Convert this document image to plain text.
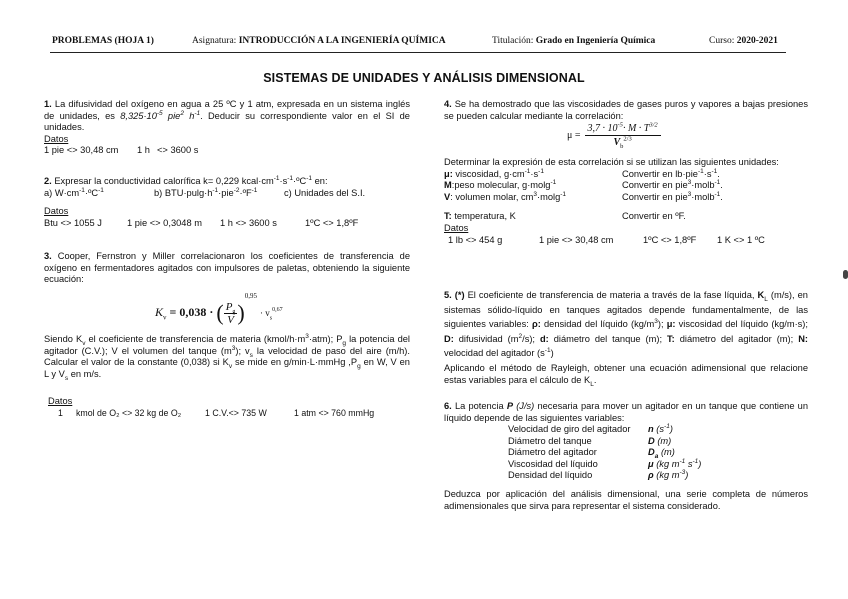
PROBLEMAS (HOJA 1)	Asignatura: INTRODUCCIÓN A LA INGENIERÍA QUÍMICA	Titulación: Grado en Ingeniería Química	Curso: 2020-2021
SISTEMAS DE UNIDADES Y ANÁLISIS DIMENSIONAL

1. La difusividad del oxígeno en agua a 25 ºC y 1 atm, expresada en un sistema inglés de unidades, es $8,325\cdot 10^{-5}$ pie$^2$ $h^{-1}$. Deducir su correspondiente valor en el SI de unidades.

Datos

1 pie <> 30,48 cm	1 h <> 3600 s

2. Expresar la conductividad calorífica k= 0,229 $kcal\cdot cm^{-1}\cdot s^{-1}\cdot ºC^{-1}$ en:

a) $W\cdot cm^{-1}\cdot ºC^{-1}$	b) $BTU\cdot pulg\cdot h^{-1}\cdot pie^{-2}\cdot ºF^{-1}$	c) Unidades del S.I.

Datos

Btu <> 1055 J	1 pie <> 0,3048 m	1 h <> 3600 s	1ºC <> 1,8ºF

3. Cooper, Fernstron y Miller correlacionaron los coeficientes de transferencia de oxígeno en fermentadores agitados con impulsores de paletas, obteniendo la siguiente ecuación:

$K_v = 0,038$ · ( $\frac{P_g}{V})^{0,95} \cdot v_s^{0,67}$

Siendo $K_v$ el coeficiente de transferencia de materia $(kmol/h\cdot m^3\cdot atm)$; $P_g$ la potencia del agitador (C.V.); V el volumen del tanque $(m^3)$; $v_s$ la velocidad de paso del aire (m/h). Calcular el valor de la constante (0,038) si $K_v$ se mide en g/min·L·mmHg $,P_g$ en W, V en L y $V_s$ en m/s.

Datos

1	kmol de O₂ <> 32 kg de O₂	1 C.V.<> 735 W	1 atm <> 760 mmHg

4. Se ha demostrado que las viscosidades de gases puros y vapores a bajas presiones se pueden calcular mediante la correlación:

μ =
$3,7 \cdot 10^{-5}\cdot M \cdot T^{3/2}$
$V_b^{2/3}$

Determinar la expresión de esta correlación si se utilizan las siguientes unidades:

μ: viscosidad, $g\cdot cm^{-1}\cdot s^{-1}$	Convertir en $lb\cdot pie^{-1}\cdot s^{-1}$.
M:peso molecular, g·molg$^{-1}$	Convertir en pie$^3$·molb$^{-1}$.
V: volumen molar, $cm^3\cdot molg^{-1}$	Convertir en pie$^3$·molb$^{-1}$.
T: temperatura, K	Convertir en ºF.

Datos

1 lb <> 454 g	1 pie <> 30,48 cm	1ºC <> 1,8ºF	1 K <> 1 ºC

5. (*) El coeficiente de transferencia de materia a través de la fase líquida, $K_L$ (m/s), en sistemas sólido-líquido en tanques agitados depende fundamentalmente, de las siguientes variables: ρ: densidad del líquido $(kg/m^3)$; μ: viscosidad del líquido (kg/m·s); D: difusividad $(m^2/s)$; d: diámetro del tanque (m); T: diámetro del agitador (m); N: velocidad del agitador $(s^{-1})$

Aplicando el método de Rayleigh, obtener una ecuación adimensional que relacione estas variables para el cálculo de $K_L$.

6. La potencia P (J/s) necesaria para mover un agitador en un tanque que contiene un líquido depende de las siguientes variables:

Velocidad de giro del agitador	n $(s^{-1})$
Diámetro del tanque	D (m)
Diámetro del agitador	$D_a$ (m)
Viscosidad del líquido	μ (kg $m^{-1}$ $s^{-1}$)
Densidad del líquido	ρ (kg $m^{-3}$)

Deduzca por aplicación del análisis dimensional, una serie completa de números adimensionales que sirva para representar el sistema considerado.
